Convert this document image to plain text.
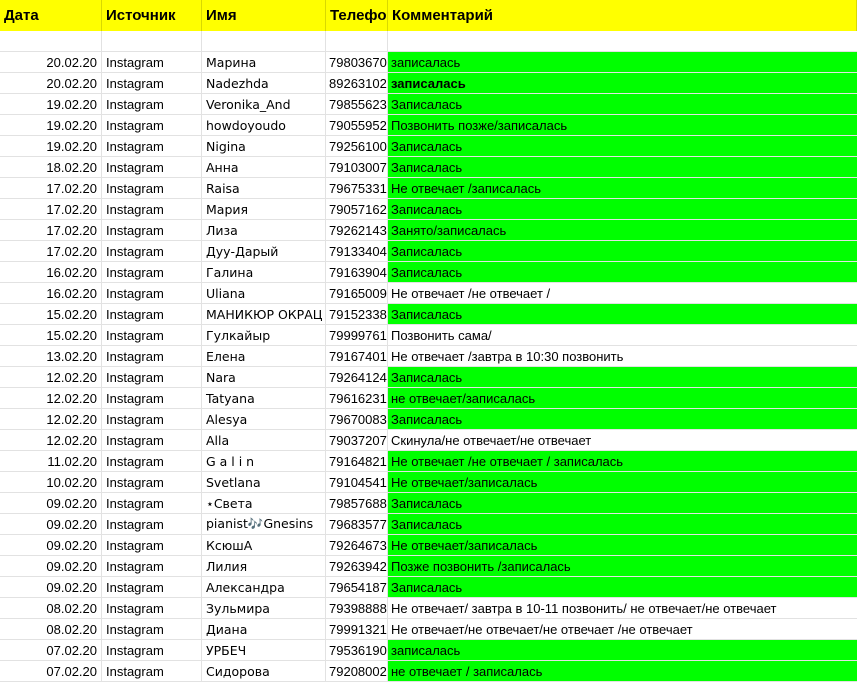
Дата	Источник	Имя	Телефо Комментарий
20.02.20 Instagram	Марина	79803670 записалась
20.02.20 Instagram	Nadezhda	89263102 записалась
19.02.20 Instagram	Veronika_And	79855623 Записалась
19.02.20 Instagram	howdoyoudo	79055952 Позвонить позже/записалась
19.02.20 Instagram	Nigina	79256100 Записалась
18.02.20 Instagram	Анна	79103007 Записалась
17.02.20 Instagram	Raisa	79675331 Не отвечает /записалась
17.02.20 Instagram	Мария	79057162 Записалась
17.02.20 Instagram	Лиза	79262143 Занято/записалась
17.02.20 Instagram	Дуу-Дарый	79133404 Записалась
16.02.20 Instagram	Галина	79163904 Записалась
16.02.20 Instagram	Uliana	79165009 Не отвечает /не отвечает /
15.02.20 Instagram	МАНИКЮР ОКРАЦ 79152338 Записалась
15.02.20 Instagram	Гулкайыр	79999761 Позвонить сама/
13.02.20 Instagram	Елена	79167401 Не отвечает /завтра в 10:30 позвонить
12.02.20 Instagram	Nara	79264124 Записалась
12.02.20 Instagram	Tatyana	79616231 не отвечает/записалась
12.02.20 Instagram	Alesya	79670083 Записалась
12.02.20 Instagram	Alla	79037207 Скинула/не отвечает/не отвечает
11.02.20 Instagram	G a l i n	79164821 Не отвечает /не отвечает / записалась
10.02.20 Instagram	Svetlana	79104541 Не отвечает/записалась
09.02.20 Instagram	⋆Света	79857688 Записалась
09.02.20 Instagram	pianist🎶Gnesins	79683577 Записалась
09.02.20 Instagram	КсюшА	79264673 Не отвечает/записалась
09.02.20 Instagram	Лилия	79263942 Позже позвонить /записалась
09.02.20 Instagram	Александра	79654187 Записалась
08.02.20 Instagram	Зульмира	79398888 Не отвечает/ завтра в 10-11 позвонить/ не отвечает/не отвечает
08.02.20 Instagram	Диана	79991321 Не отвечает/не отвечает/не отвечает /не отвечает
07.02.20 Instagram	УРБЕЧ	79536190 записалась
07.02.20 Instagram	Сидорова	79208002 не отвечает / записалась
